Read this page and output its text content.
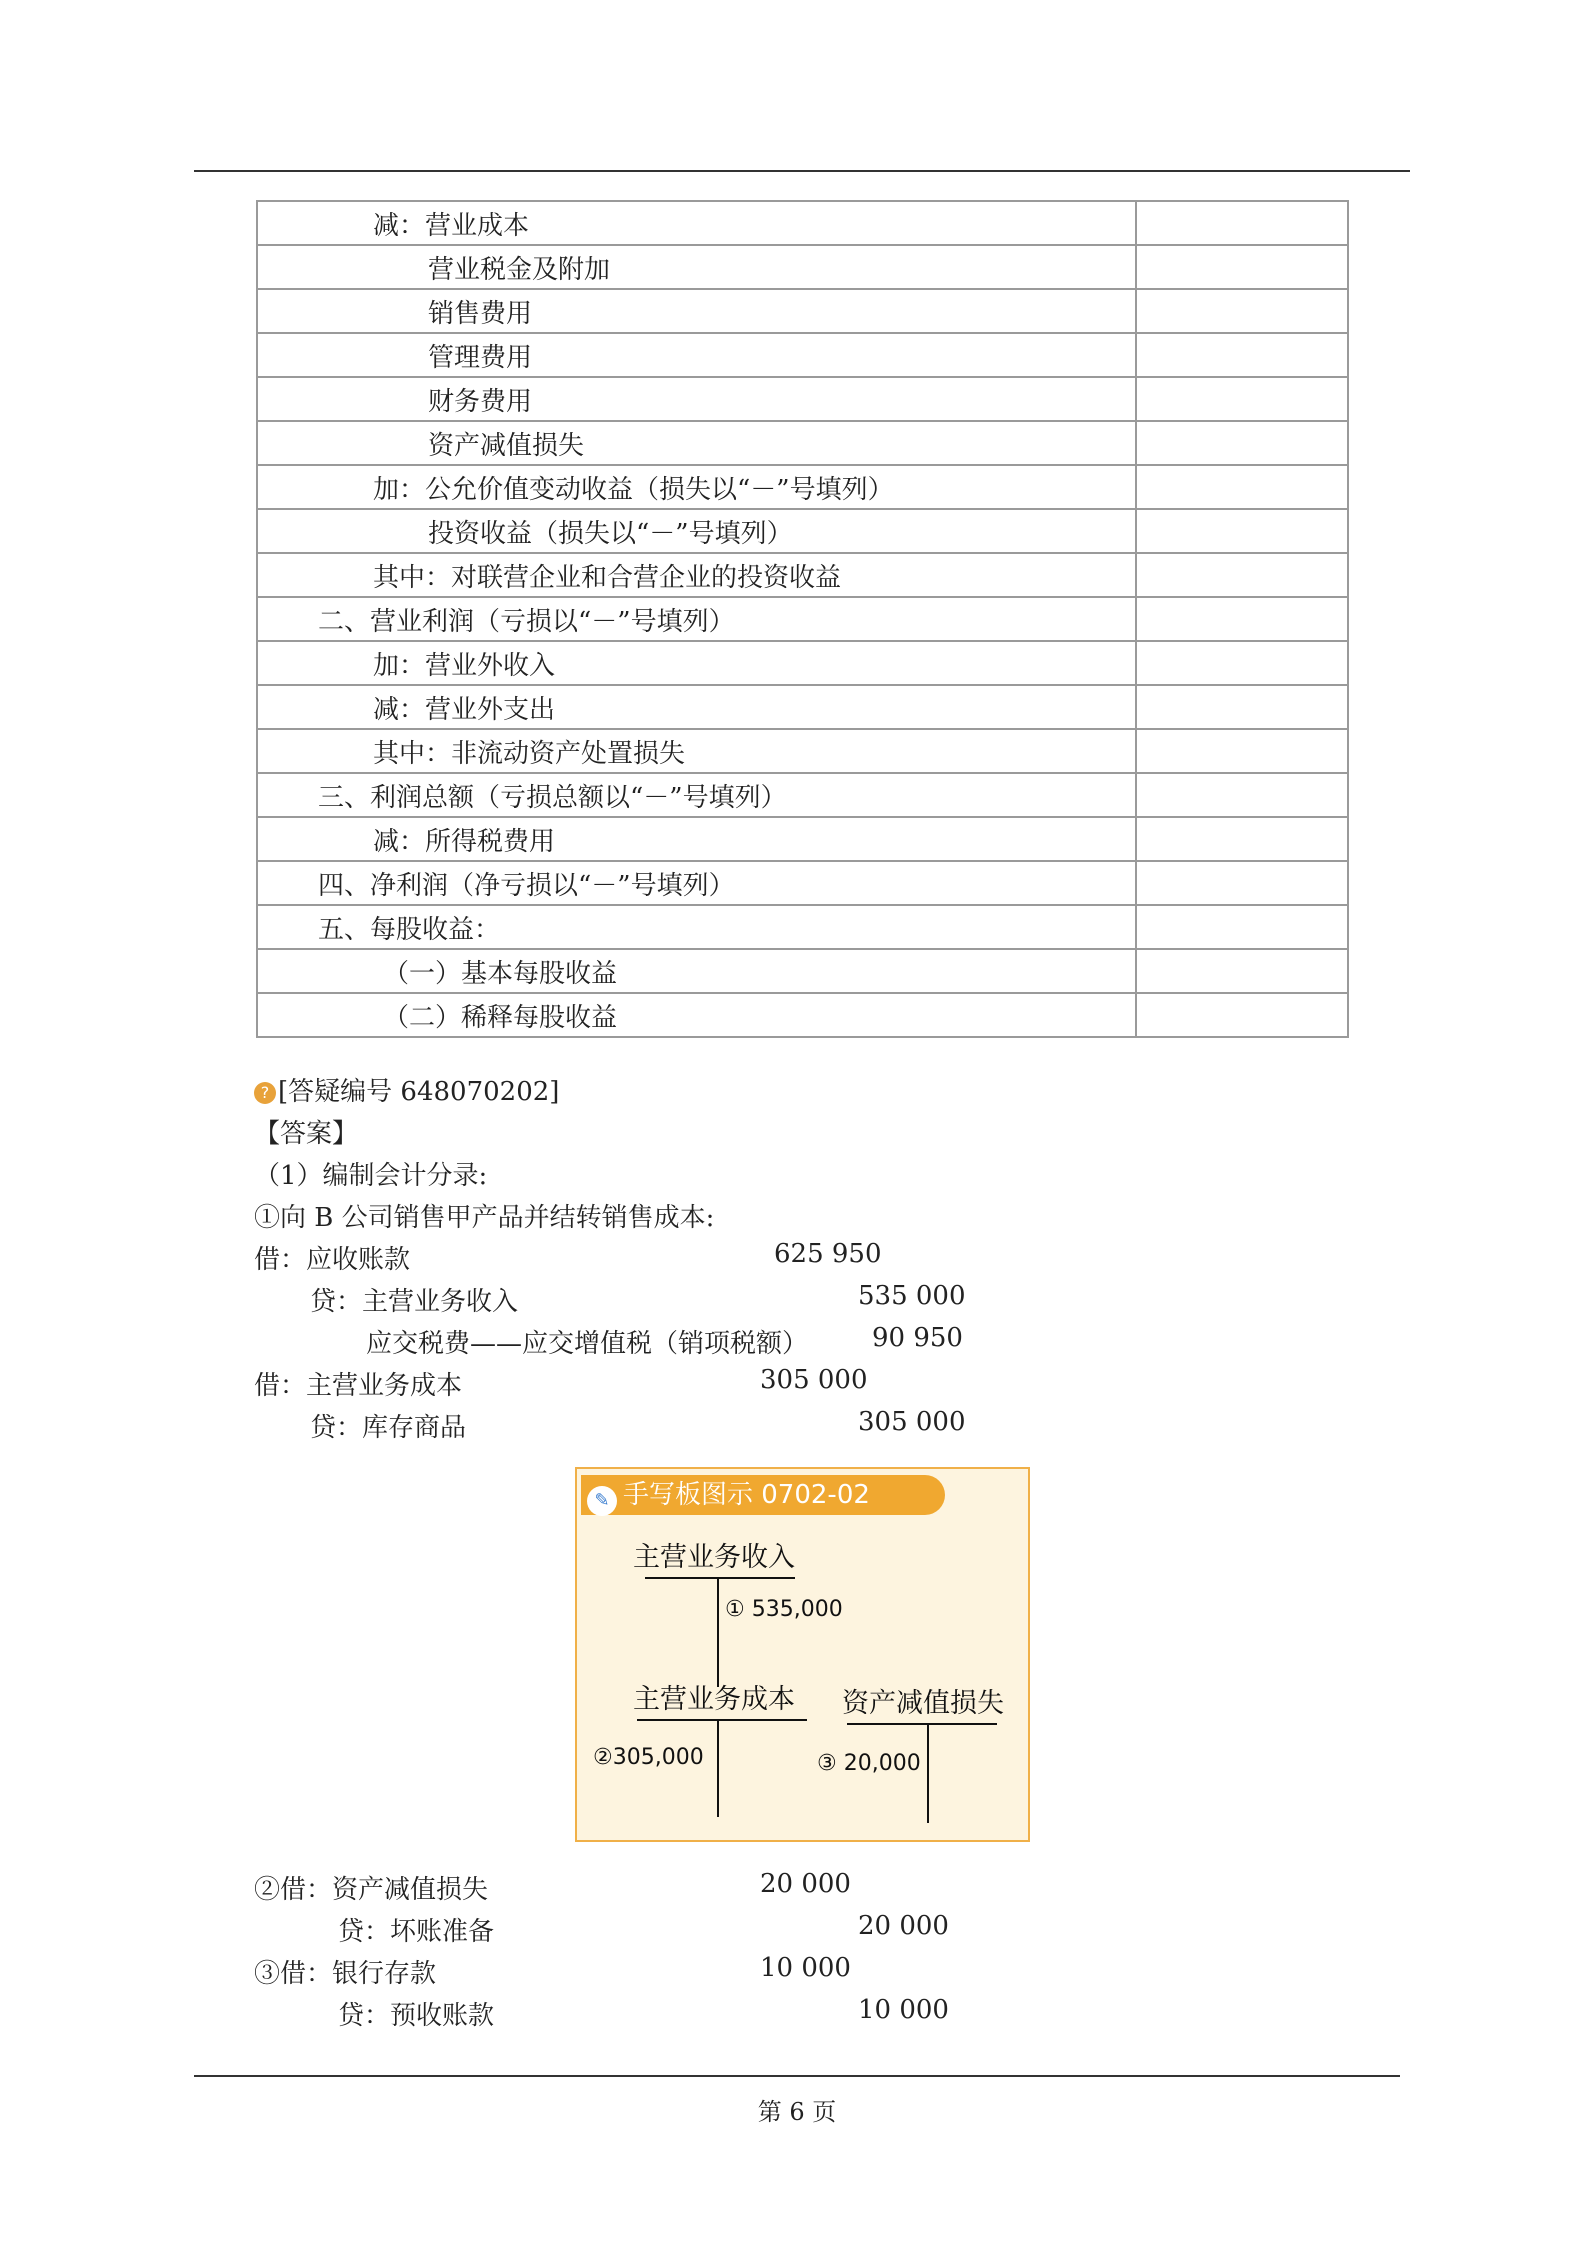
减：营业成本	
营业税金及附加	
销售费用	
管理费用	
财务费用	
资产减值损失	
加：公允价值变动收益（损失以“－”号填列）	
投资收益（损失以“－”号填列）	
其中：对联营企业和合营企业的投资收益	
二、营业利润（亏损以“－”号填列）	
加：营业外收入	
减：营业外支出	
其中：非流动资产处置损失	
三、利润总额（亏损总额以“－”号填列）	
减：所得税费用	
四、净利润（净亏损以“－”号填列）	
五、每股收益：	
（一）基本每股收益	
（二）稀释每股收益	
? [答疑编号 648070202]
【答案】
（1）编制会计分录:
①向 B 公司销售甲产品并结转销售成本:
借：应收账款	625 950
贷：主营业务收入	535 000
应交税费——应交增值税（销项税额） 90 950
借：主营业务成本	305 000
贷：库存商品	305 000
✎ 手写板图示 0702-02
主营业务收入
① 535,000
主营业务成本
②305,000
资产减值损失
③ 20,000
②借：资产减值损失	20 000
贷：坏账准备	20 000
③借：银行存款	10 000
贷：预收账款	10 000
第 6 页
